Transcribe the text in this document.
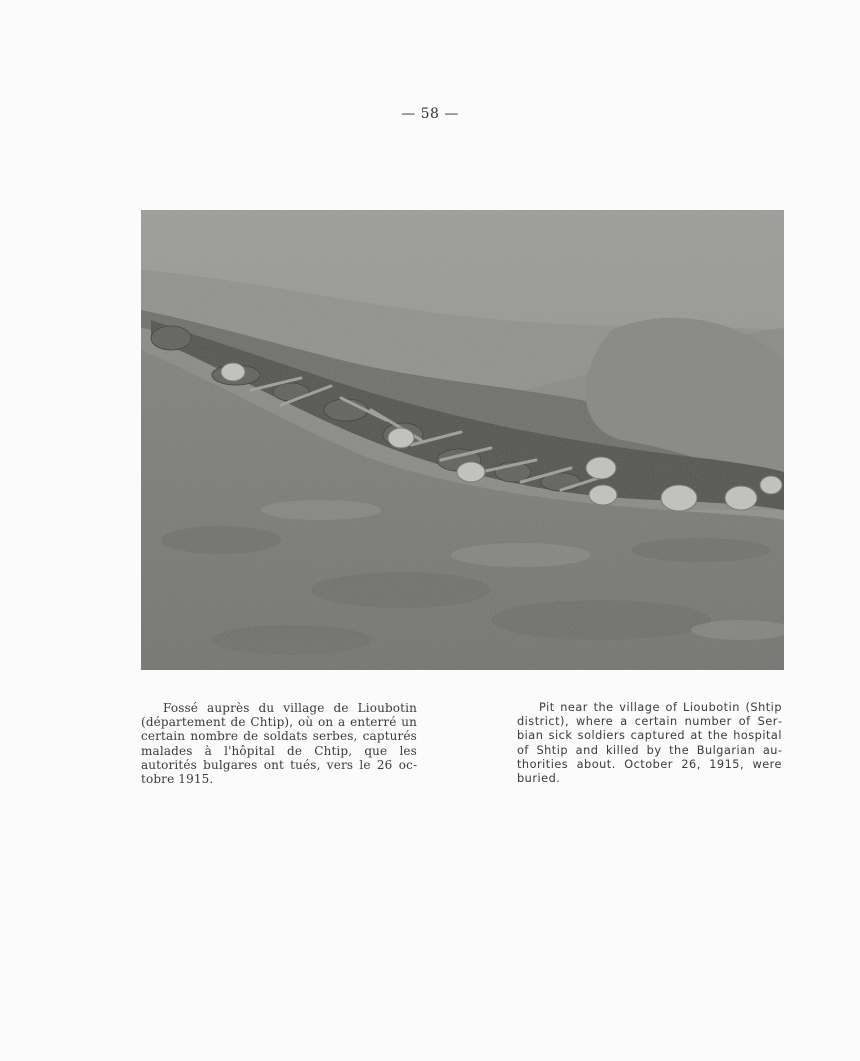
— 58 —
Fossé auprès du village de Lioubotin (département de Chtip), où on a enterré un certain nombre de soldats serbes, capturés malades à l'hôpital de Chtip, que les autorités bulgares ont tués, vers le 26 octobre 1915.
Pit near the village of Lioubotin (Shtip district), where a certain number of Serbian sick soldiers captured at the hospital of Shtip and killed by the Bulgarian authorities about. October 26, 1915, were buried.
